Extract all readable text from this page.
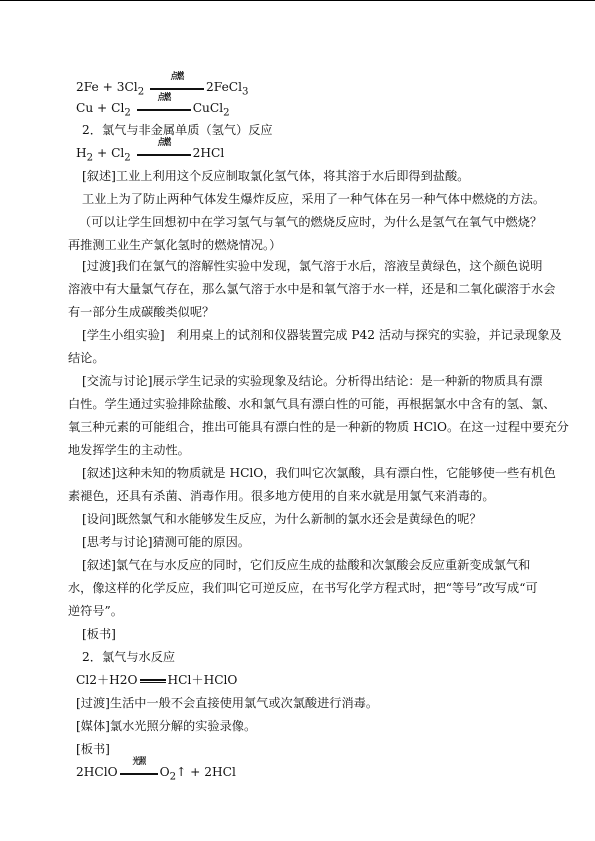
$2Fe + 3Cl_2$
点燃
2FeCl$_3$

$Cu + Cl_2$
点燃
CuCl$_2$

2．氯气与非金属单质（氢气）反应

$H_2 + Cl_2$
点燃
2HCl

[叙述]工业上利用这个反应制取氯化氢气体，将其溶于水后即得到盐酸。

工业上为了防止两种气体发生爆炸反应，采用了一种气体在另一种气体中燃烧的方法。

（可以让学生回想初中在学习氢气与氧气的燃烧反应时，为什么是氢气在氧气中燃烧？

再推测工业生产氯化氢时的燃烧情况。）

[过渡]我们在氯气的溶解性实验中发现，氯气溶于水后，溶液呈黄绿色，这个颜色说明

溶液中有大量氯气存在，那么氯气溶于水中是和氧气溶于水一样，还是和二氧化碳溶于水会

有一部分生成碳酸类似呢？

[学生小组实验]　利用桌上的试剂和仪器装置完成 P42 活动与探究的实验，并记录现象及

结论。

[交流与讨论]展示学生记录的实验现象及结论。分析得出结论：是一种新的物质具有漂

白性。学生通过实验排除盐酸、水和氯气具有漂白性的可能，再根据氯水中含有的氢、氯、

氧三种元素的可能组合，推出可能具有漂白性的是一种新的物质 HClO。在这一过程中要充分

地发挥学生的主动性。

[叙述]这种未知的物质就是 HClO，我们叫它次氯酸，具有漂白性，它能够使一些有机色

素褪色，还具有杀菌、消毒作用。很多地方使用的自来水就是用氯气来消毒的。

[设问]既然氯气和水能够发生反应，为什么新制的氯水还会是黄绿色的呢？

[思考与讨论]猜测可能的原因。

[叙述]氯气在与水反应的同时，它们反应生成的盐酸和次氯酸会反应重新变成氯气和

水，像这样的化学反应，我们叫它可逆反应，在书写化学方程式时，把“等号”改写成“可

逆符号”。

[板书]

2．氯气与水反应

Cl2＋H2O HCl＋HClO

[过渡]生活中一般不会直接使用氯气或次氯酸进行消毒。

[媒体]氯水光照分解的实验录像。

[板书]

2HClO
光照
$O_2↑ + 2HCl$
